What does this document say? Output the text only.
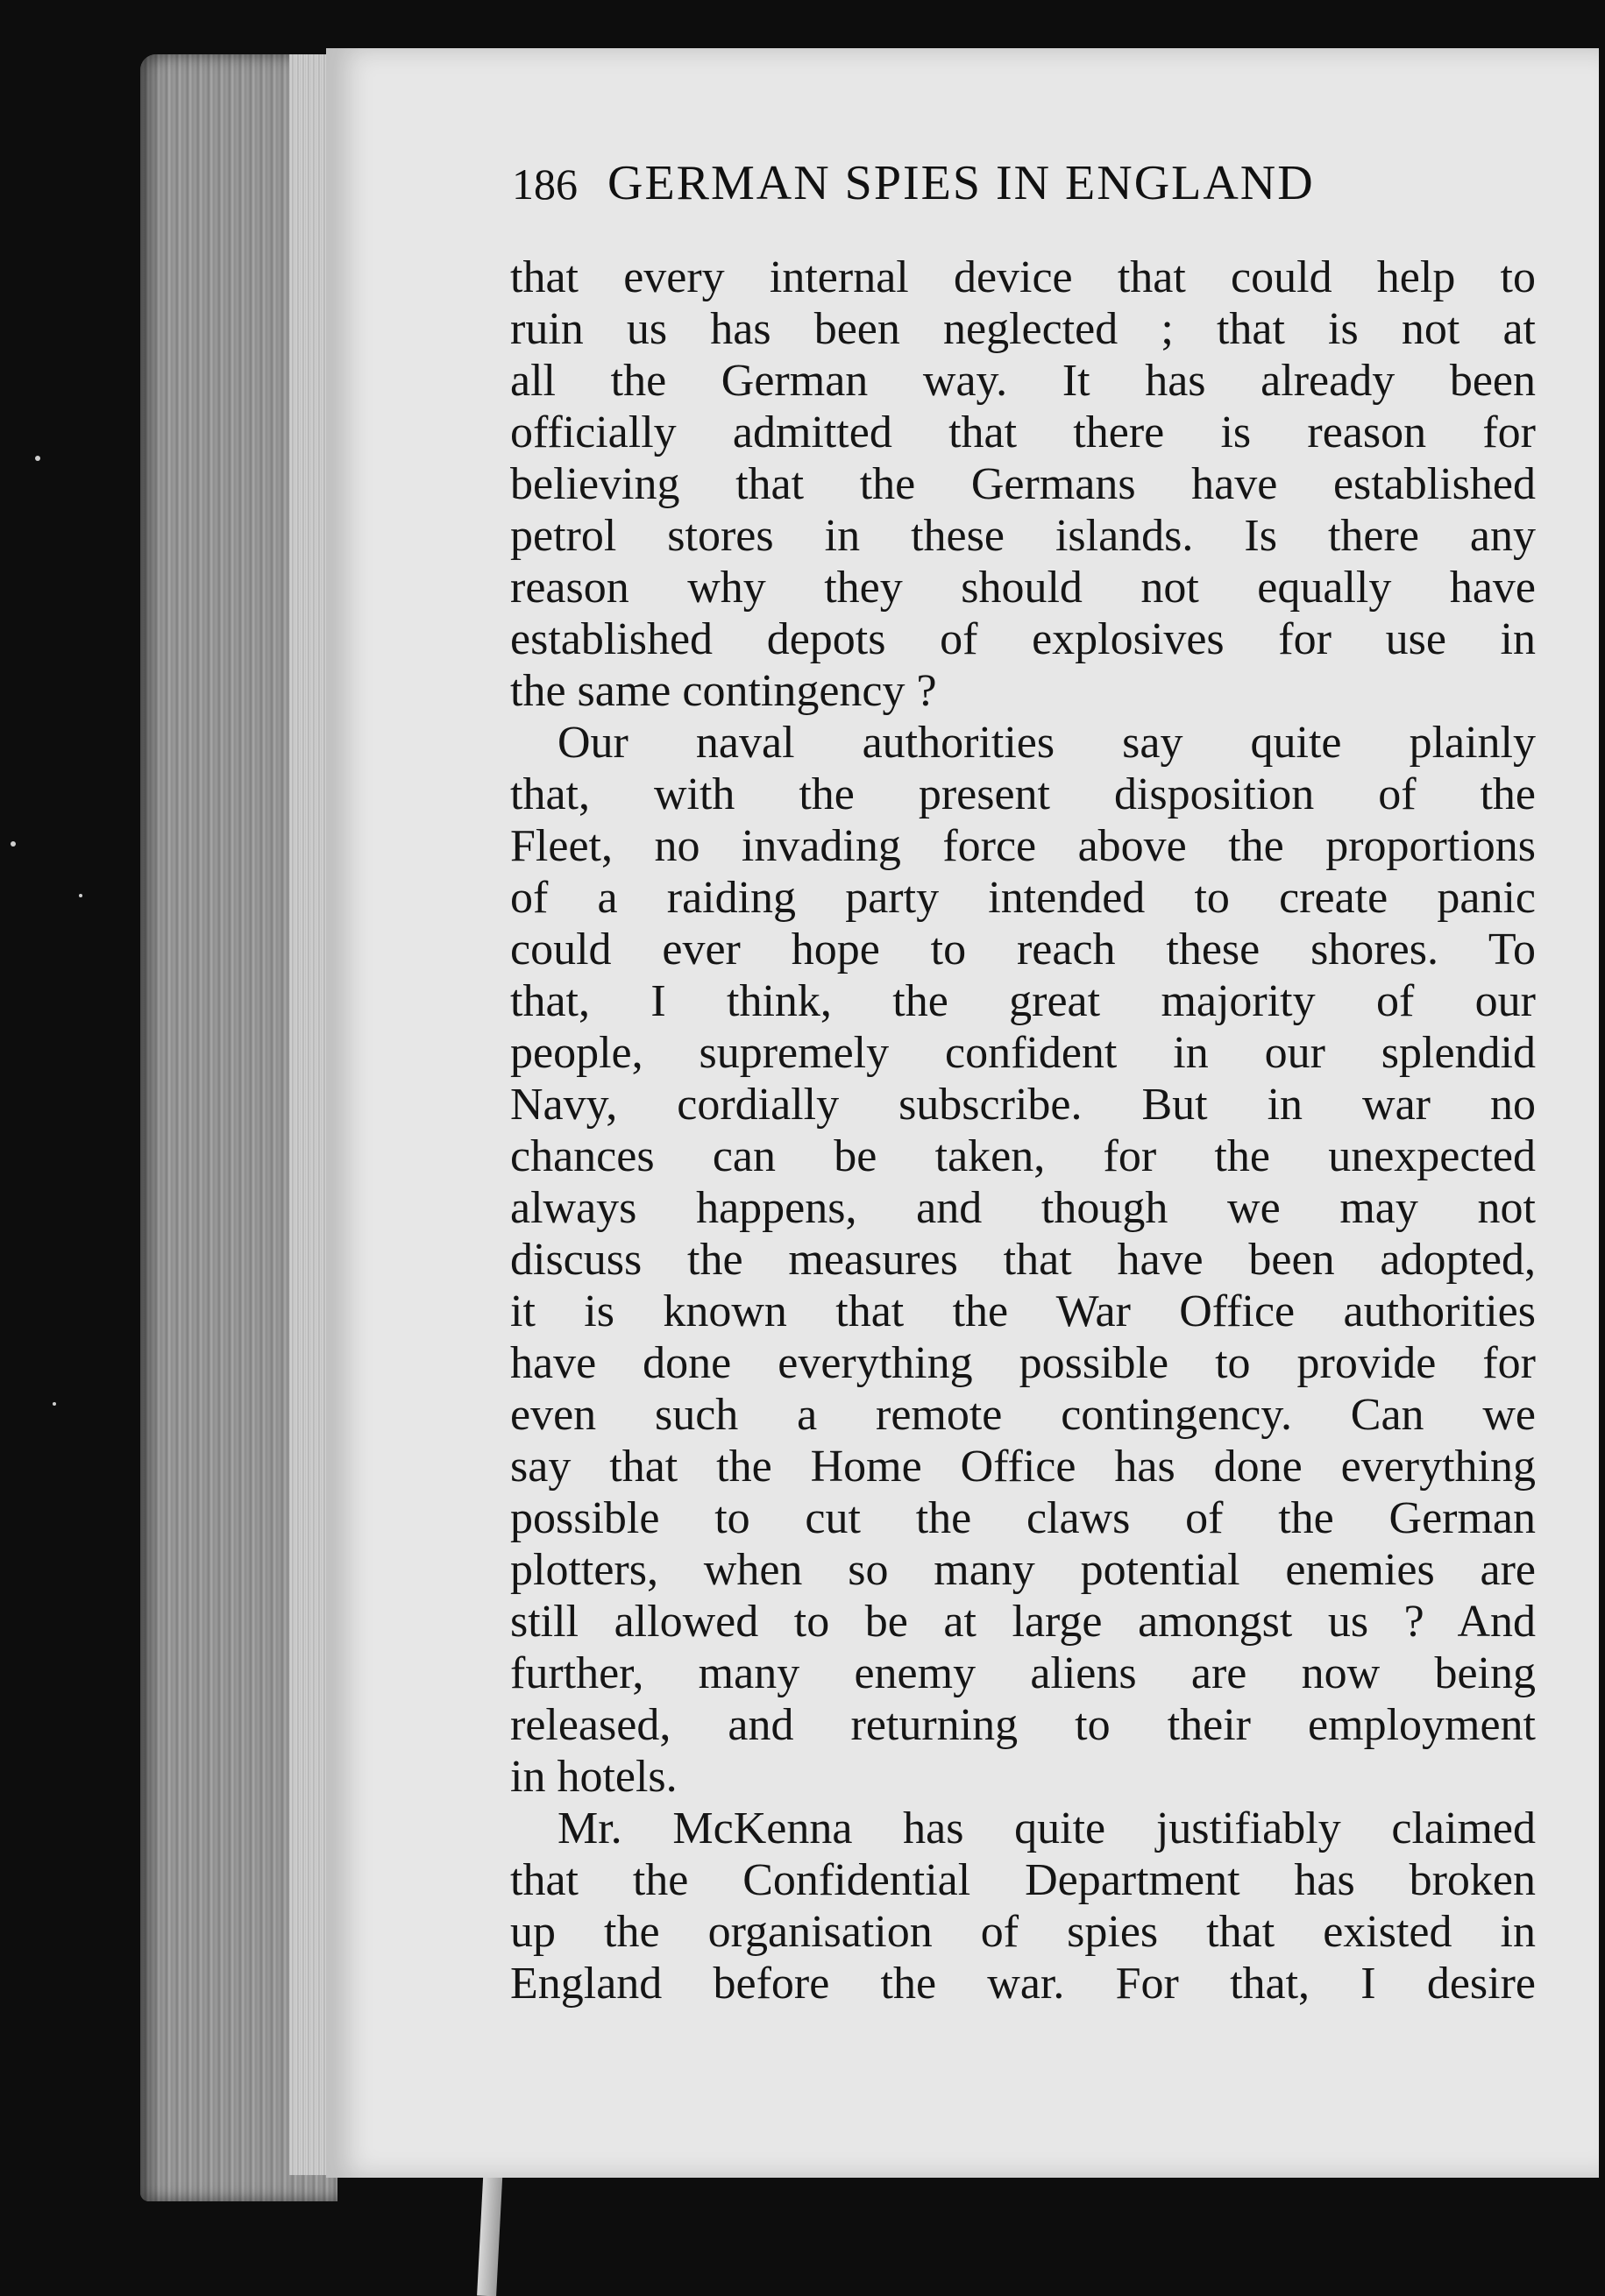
186 GERMAN SPIES IN ENGLAND
that every internal device that could help to
ruin us has been neglected ; that is not at
all the German way. It has already been
officially admitted that there is reason for
believing that the Germans have established
petrol stores in these islands. Is there any
reason why they should not equally have
established depots of explosives for use in
the same contingency ?
Our naval authorities say quite plainly
that, with the present disposition of the
Fleet, no invading force above the proportions
of a raiding party intended to create panic
could ever hope to reach these shores. To
that, I think, the great majority of our
people, supremely confident in our splendid
Navy, cordially subscribe. But in war no
chances can be taken, for the unexpected
always happens, and though we may not
discuss the measures that have been adopted,
it is known that the War Office authorities
have done everything possible to provide for
even such a remote contingency. Can we
say that the Home Office has done everything
possible to cut the claws of the German
plotters, when so many potential enemies are
still allowed to be at large amongst us ? And
further, many enemy aliens are now being
released, and returning to their employment
in hotels.
Mr. McKenna has quite justifiably claimed
that the Confidential Department has broken
up the organisation of spies that existed in
England before the war. For that, I desire
